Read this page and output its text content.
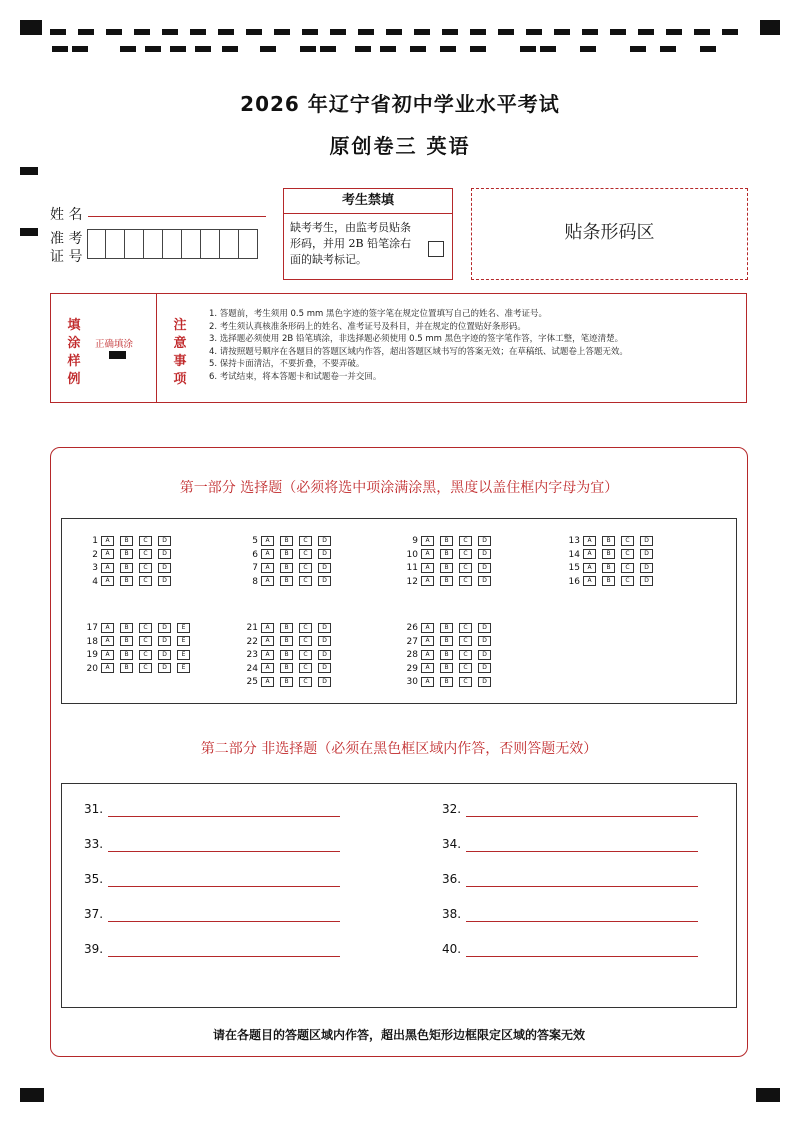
2026 年辽宁省初中学业水平考试
原创卷三 英语
姓 名
准 考
证 号
考生禁填
缺考考生，由监考员贴条形码，并用 2B 铅笔涂右面的缺考标记。
贴条形码区
填
涂
样
例
正确填涂
注
意
事
项
1. 答题前，考生须用 0.5 mm 黑色字迹的签字笔在规定位置填写自己的姓名、准考证号。
2. 考生须认真核准条形码上的姓名、准考证号及科目，并在规定的位置贴好条形码。
3. 选择题必须使用 2B 铅笔填涂，非选择题必须使用 0.5 mm 黑色字迹的签字笔作答，字体工整，笔迹清楚。
4. 请按照题号顺序在各题目的答题区域内作答，超出答题区域书写的答案无效；在草稿纸、试题卷上答题无效。
5. 保持卡面清洁，不要折叠，不要弄破。
6. 考试结束，将本答题卡和试题卷一并交回。
第一部分 选择题（必须将选中项涂满涂黑，黑度以盖住框内字母为宜）
1 A B C D
2 A B C D
3 A B C D
4 A B C D
5 A B C D
6 A B C D
7 A B C D
8 A B C D
9 A B C D
10 A B C D
11 A B C D
12 A B C D
13 A B C D
14 A B C D
15 A B C D
16 A B C D
17 A B C D E
18 A B C D E
19 A B C D E
20 A B C D E
21 A B C D
22 A B C D
23 A B C D
24 A B C D
25 A B C D
26 A B C D
27 A B C D
28 A B C D
29 A B C D
30 A B C D
第二部分 非选择题（必须在黑色框区域内作答，否则答题无效）
31.
33.
35.
37.
39.
32.
34.
36.
38.
40.
请在各题目的答题区域内作答，超出黑色矩形边框限定区域的答案无效
